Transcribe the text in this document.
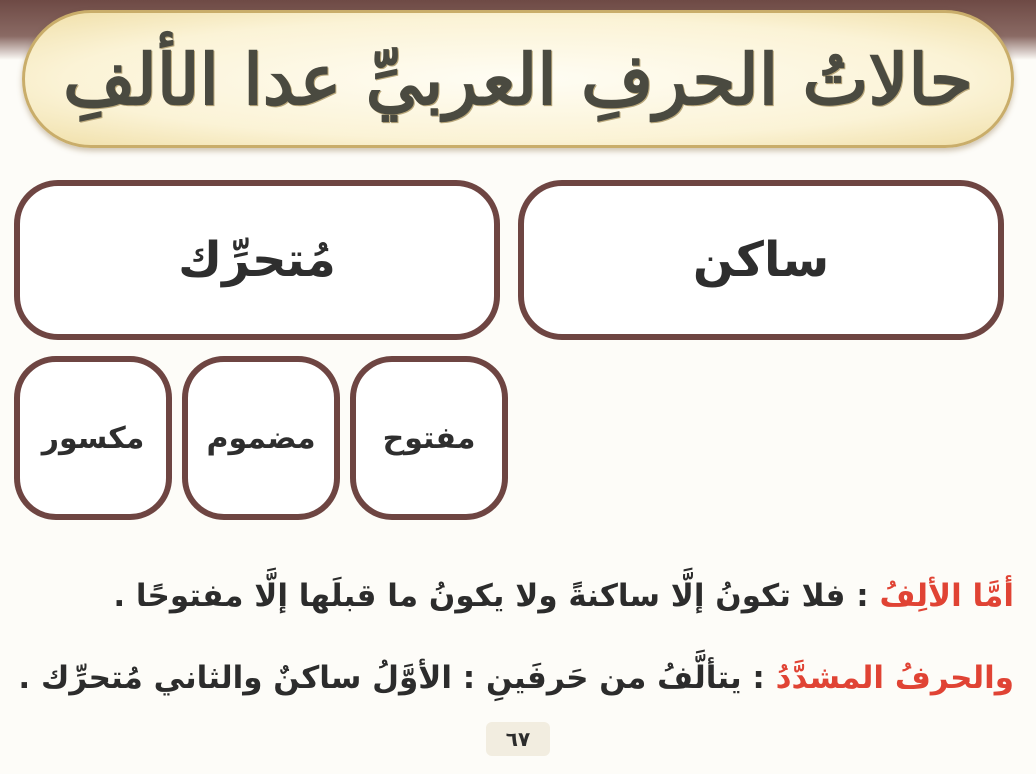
حالاتُ الحرفِ العربيِّ عدا الألفِ
ساكن
مُتحرِّك
مفتوح
مضموم
مكسور
أمَّا الألِفُ : فلا تكونُ إلَّا ساكنةً ولا يكونُ ما قبلَها إلَّا مفتوحًا .
والحرفُ المشدَّدُ : يتألَّفُ من حَرفَينِ : الأوَّلُ ساكنٌ والثاني مُتحرِّك .
٦٧
